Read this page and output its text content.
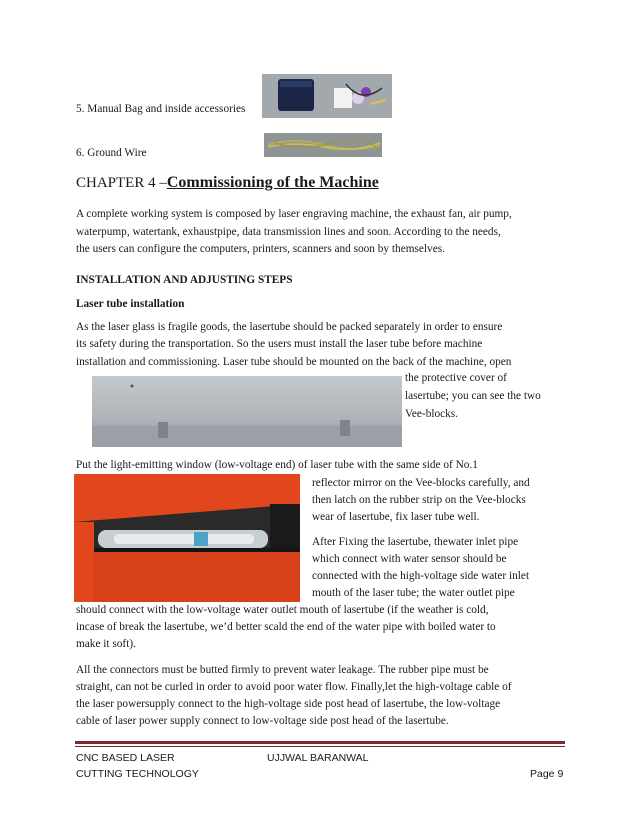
5. Manual Bag and inside accessories
6. Ground Wire
CHAPTER 4 –Commissioning of the Machine
A complete working system is composed by laser engraving machine, the exhaust fan, air pump,
waterpump, watertank, exhaustpipe, data transmission lines and soon. According to the needs,
the users can configure the computers, printers, scanners and soon by themselves.
INSTALLATION AND ADJUSTING STEPS
Laser tube installation
As the laser glass is fragile goods, the lasertube should be packed separately in order to ensure
its safety during the transportation. So the users must install the laser tube before machine
installation and commissioning. Laser tube should be mounted on the back of the machine, open
the protective cover of
lasertube; you can see the two
Vee-blocks.
Put the light-emitting window (low-voltage end) of laser tube with the same side of No.1
reflector mirror on the Vee-blocks carefully, and
then latch on the rubber strip on the Vee-blocks
wear of lasertube, fix laser tube well.
After Fixing the lasertube, thewater inlet pipe
which connect with water sensor should be
connected with the high-voltage side water inlet
mouth of the laser tube; the water outlet pipe
should connect with the low-voltage water outlet mouth of lasertube (if the weather is cold,
incase of break the lasertube, we’d better scald the end of the water pipe with boiled water to
make it soft).
All the connectors must be butted firmly to prevent water leakage. The rubber pipe must be
straight, can not be curled in order to avoid poor water flow. Finally,let the high-voltage cable of
the laser powersupply connect to the high-voltage side post head of lasertube, the low-voltage
cable of laser power supply connect to low-voltage side post head of the lasertube.
CNC BASED LASER
CUTTING TECHNOLOGY
UJJWAL BARANWAL
Page 9
